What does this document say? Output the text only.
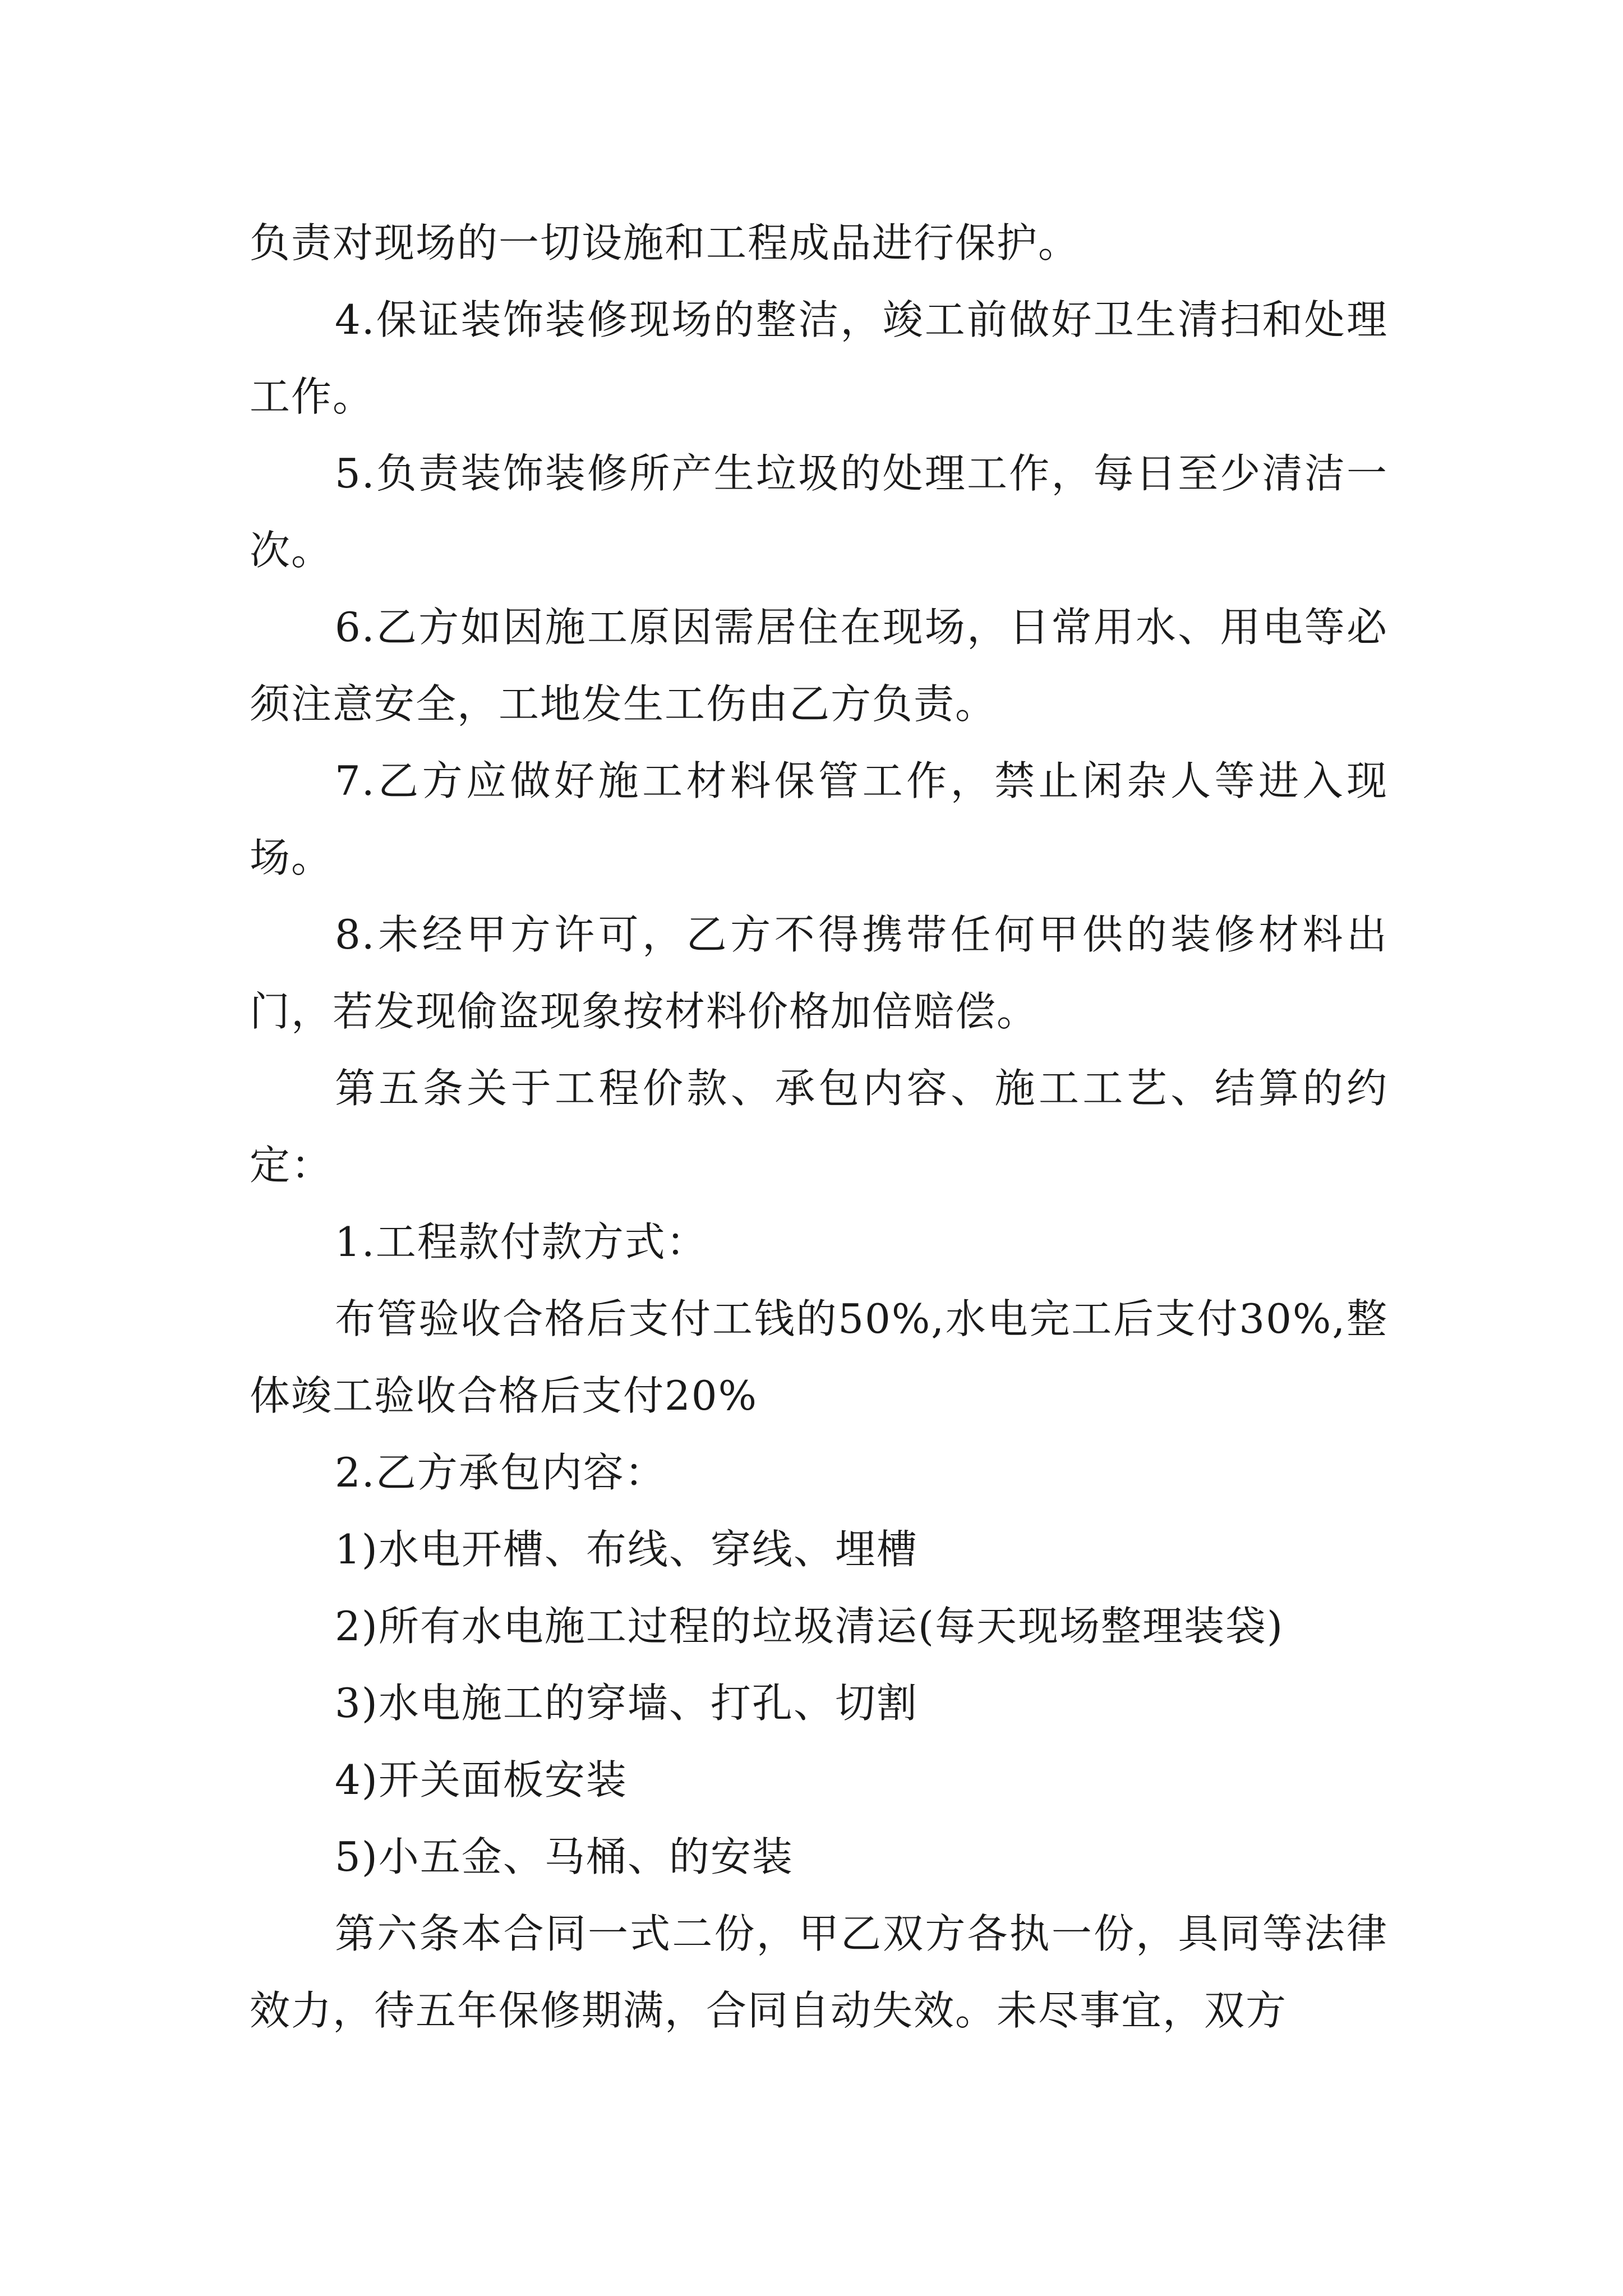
负责对现场的一切设施和工程成品进行保护。

4.保证装饰装修现场的整洁，竣工前做好卫生清扫和处理工作。

5.负责装饰装修所产生垃圾的处理工作，每日至少清洁一次。

6.乙方如因施工原因需居住在现场，日常用水、用电等必须注意安全，工地发生工伤由乙方负责。

7.乙方应做好施工材料保管工作，禁止闲杂人等进入现场。

8.未经甲方许可，乙方不得携带任何甲供的装修材料出门，若发现偷盗现象按材料价格加倍赔偿。

第五条关于工程价款、承包内容、施工工艺、结算的约定：

1.工程款付款方式：

布管验收合格后支付工钱的50%,水电完工后支付30%,整体竣工验收合格后支付20%

2.乙方承包内容：

1)水电开槽、布线、穿线、埋槽

2)所有水电施工过程的垃圾清运(每天现场整理装袋)

3)水电施工的穿墙、打孔、切割

4)开关面板安装

5)小五金、马桶、的安装

第六条本合同一式二份，甲乙双方各执一份，具同等法律效力，待五年保修期满，合同自动失效。未尽事宜，双方
